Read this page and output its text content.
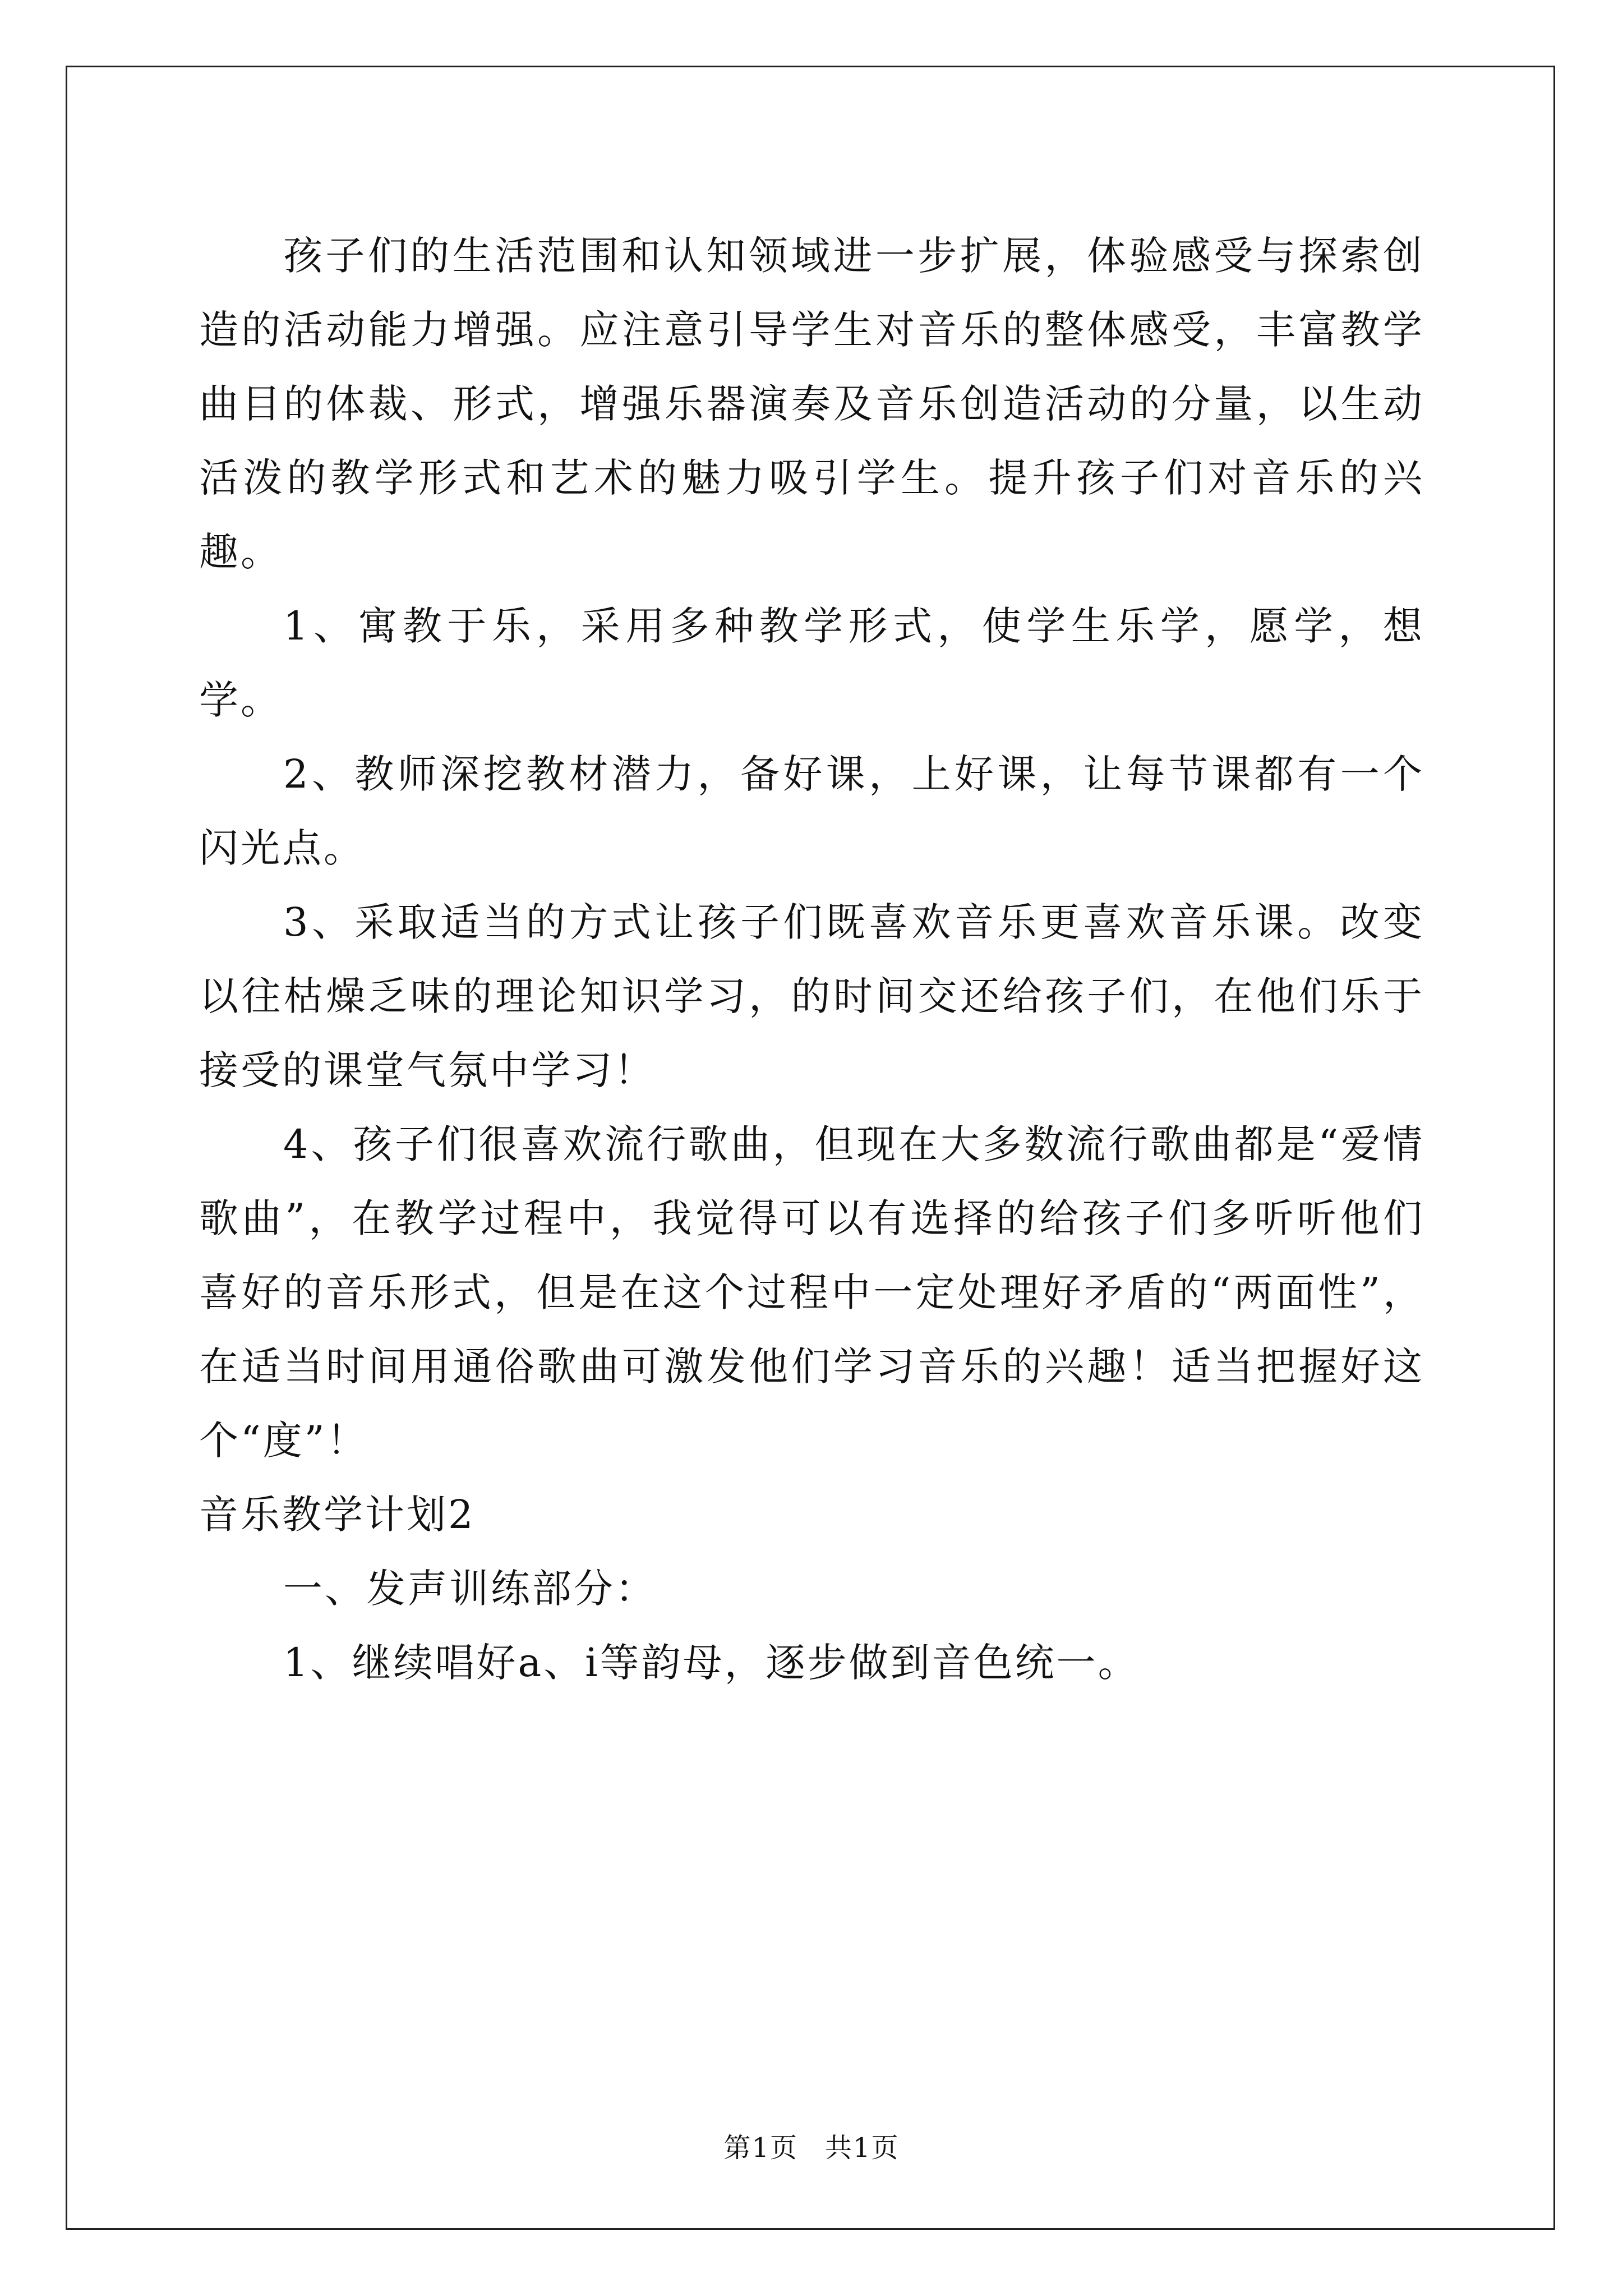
孩子们的生活范围和认知领域进一步扩展，体验感受与探索创造的活动能力增强。应注意引导学生对音乐的整体感受，丰富教学曲目的体裁、形式，增强乐器演奏及音乐创造活动的分量，以生动活泼的教学形式和艺术的魅力吸引学生。提升孩子们对音乐的兴趣。

1、寓教于乐，采用多种教学形式，使学生乐学，愿学，想学。

2、教师深挖教材潜力，备好课，上好课，让每节课都有一个闪光点。

3、采取适当的方式让孩子们既喜欢音乐更喜欢音乐课。改变以往枯燥乏味的理论知识学习，的时间交还给孩子们，在他们乐于接受的课堂气氛中学习！

4、孩子们很喜欢流行歌曲，但现在大多数流行歌曲都是“爱情歌曲”，在教学过程中，我觉得可以有选择的给孩子们多听听他们喜好的音乐形式，但是在这个过程中一定处理好矛盾的“两面性”，在适当时间用通俗歌曲可激发他们学习音乐的兴趣！适当把握好这个“度”！

音乐教学计划2

一、发声训练部分：

1、继续唱好a、i等韵母，逐步做到音色统一。

第1页 共1页
